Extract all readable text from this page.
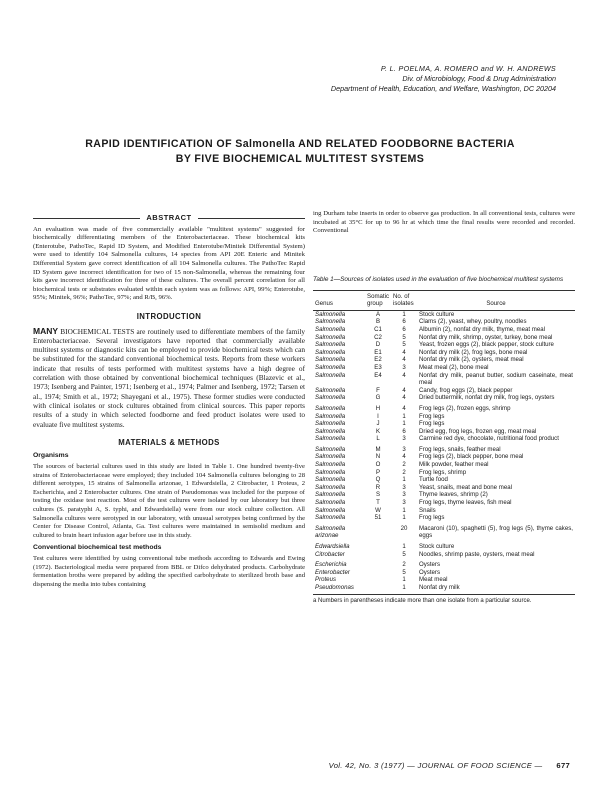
P. L. POELMA, A. ROMERO and W. H. ANDREWS
Div. of Microbiology, Food & Drug Administration
Department of Health, Education, and Welfare, Washington, DC 20204
RAPID IDENTIFICATION OF Salmonella AND RELATED FOODBORNE BACTERIA
BY FIVE BIOCHEMICAL MULTITEST SYSTEMS
ABSTRACT

An evaluation was made of five commercially available "multitest systems" suggested for biochemically differentiating members of the Enterobacteriaceae. These biochemical kits (Enterotube, PathoTec, Rapid ID System, and Modified Enterotube/Minitek Differential System) were used to identify 104 Salmonella cultures, 14 species from API 20E Enteric and Minitek Differential System gave correct identification of all 104 Salmonella cultures. The PathoTec Rapid ID System gave incorrect identification for two of 15 non-Salmonella, whereas the remaining four kits gave incorrect identification for three of these cultures. The overall percent correlation for all biochemical tests or substrates evaluated within each system was as follows: API, 99%; Enterotube, 95%; Minitek, 96%; PathoTec, 97%; and R/B, 96%.

INTRODUCTION

MANY BIOCHEMICAL TESTS are routinely used to differentiate members of the family Enterobacteriaceae. Several investigators have reported that commercially available multitest systems or diagnostic kits can be employed to provide biochemical tests which can be substituted for the standard conventional biochemical tests. Reports from these workers indicate that results of tests performed with multitest systems have a high degree of correlation with those obtained by conventional biochemical techniques (Blazevic et al., 1973; Isenberg and Painter, 1971; Isenberg et al., 1974; Palmer and Isenberg, 1972; Tarsen et al., 1974; Smith et al., 1972; Shayegani et al., 1975). These former studies were conducted with clinical isolates or stock cultures obtained from clinical sources. This paper reports results of a study in which selected foodborne and feed product isolates were used to evaluate five multitest systems.

MATERIALS & METHODS
Organisms

The sources of bacterial cultures used in this study are listed in Table 1. One hundred twenty-five strains of Enterobacteriaceae were employed; they included 104 Salmonella cultures belonging to 28 different serotypes, 15 strains of Salmonella arizonae, 1 Edwardsiella, 2 Citrobacter, 1 Proteus, 2 Escherichia, and 2 Enterobacter cultures. One strain of Pseudomonas was included for the purpose of testing the oxidase test reaction. Most of the test cultures were isolated by our laboratory but three cultures (S. paratyphi A, S. typhi, and Edwardsiella) were from our stock culture collection. All Salmonella cultures were serotyped in our laboratory, with unusual serotypes being confirmed by the Center for Disease Control, Atlanta, Ga. Test cultures were maintained in semisolid medium and cultured to brain heart infusion agar before use in this study.

Conventional biochemical test methods

Test cultures were identified by using conventional tube methods according to Edwards and Ewing (1972). Bacteriological media were prepared from BBL or Difco dehydrated products. Carbohydrate fermentation broths were prepared by adding the specified carbohydrate to sterilized broth base and dispensing the media into tubes containing

ing Durham tube inserts in order to observe gas production. In all conventional tests, cultures were incubated at 35°C for up to 96 hr at which time the final results were recorded and recorded. Conventional

Table 1—Sources of isolates used in the evaluation of five biochemical multitest systems
Genus	Somatic group	No. of isolates	Source
Salmonella	A	1	Stock culture
Salmonella	B	6	Clams (2), yeast, whey, poultry, noodles
Salmonella	C1	6	Albumin (2), nonfat dry milk, thyme, meat meal
Salmonella	C2	5	Nonfat dry milk, shrimp, oyster, turkey, bone meal
Salmonella	D	5	Yeast, frozen eggs (2), black pepper, stock culture
Salmonella	E1	4	Nonfat dry milk (2), frog legs, bone meal
Salmonella	E2	4	Nonfat dry milk (2), oysters, meat meal
Salmonella	E3	3	Meat meal (2), bone meal
Salmonella	E4	4	Nonfat dry milk, peanut butter, sodium caseinate, meat meal
Salmonella	F	4	Candy, frog eggs (2), black pepper
Salmonella	G	4	Dried buttermilk, nonfat dry milk, frog legs, oysters
Salmonella	H	4	Frog legs (2), frozen eggs, shrimp
Salmonella	I	1	Frog legs
Salmonella	J	1	Frog legs
Salmonella	K	6	Dried egg, frog legs, frozen egg, meat meal
Salmonella	L	3	Carmine red dye, chocolate, nutritional food product
Salmonella	M	3	Frog legs, snails, feather meal
Salmonella	N	4	Frog legs (2), black pepper, bone meal
Salmonella	O	2	Milk powder, feather meal
Salmonella	P	2	Frog legs, shrimp
Salmonella	Q	1	Turtle food
Salmonella	R	3	Yeast, snails, meat and bone meal
Salmonella	S	3	Thyme leaves, shrimp (2)
Salmonella	T	3	Frog legs, thyme leaves, fish meal
Salmonella	W	1	Snails
Salmonella	51	1	Frog legs
Salmonella arizonae		20	Macaroni (10), spaghetti (5), frog legs (5), thyme cakes, eggs
Edwardsiella		1	Stock culture
Citrobacter		5	Noodles, shrimp paste, oysters, meat meal
Escherichia		2	Oysters
Enterobacter		5	Oysters
Proteus		1	Meat meal
Pseudomonas		1	Nonfat dry milk
a Numbers in parentheses indicate more than one isolate from a particular source.
Vol. 42, No. 3 (1977) — JOURNAL OF FOOD SCIENCE — 677
